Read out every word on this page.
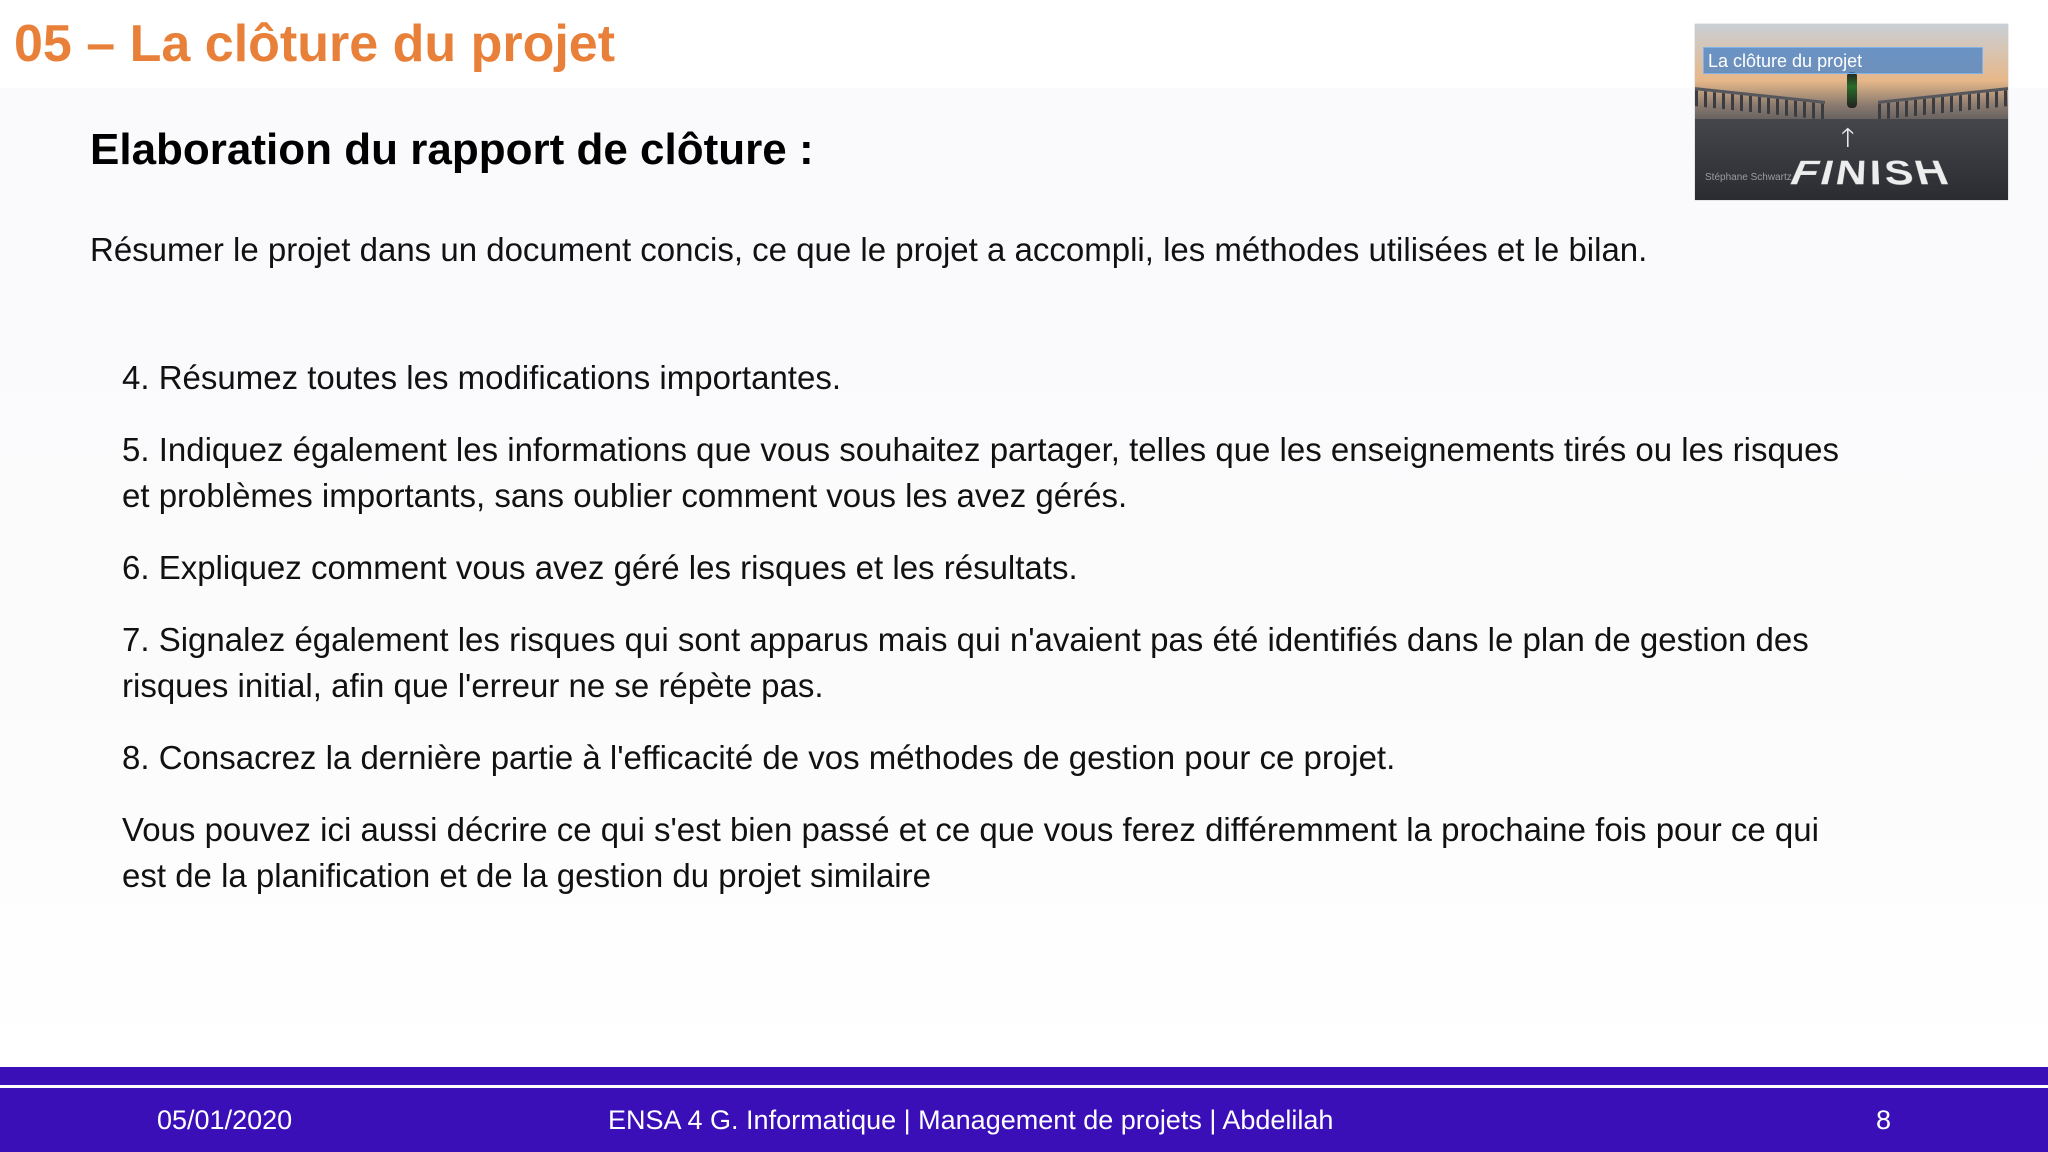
05 – La clôture du projet
🡑
FINISH
Stéphane Schwartz
La clôture du projet
Elaboration du rapport de clôture :

Résumer le projet dans un document concis, ce que le projet a accompli, les méthodes utilisées et le bilan.

4. Résumez toutes les modifications importantes.
5. Indiquez également les informations que vous souhaitez partager, telles que les enseignements tirés ou les risques et problèmes importants, sans oublier comment vous les avez gérés.
6. Expliquez comment vous avez géré les risques et les résultats.
7. Signalez également les risques qui sont apparus mais qui n'avaient pas été identifiés dans le plan de gestion des risques initial, afin que l'erreur ne se répète pas.
8. Consacrez la dernière partie à l'efficacité de vos méthodes de gestion pour ce projet.
Vous pouvez ici aussi décrire ce qui s'est bien passé et ce que vous ferez différemment la prochaine fois pour ce qui est de la planification et de la gestion du projet similaire
05/01/2020	ENSA 4 G. Informatique | Management de projets | Abdelilah	8
